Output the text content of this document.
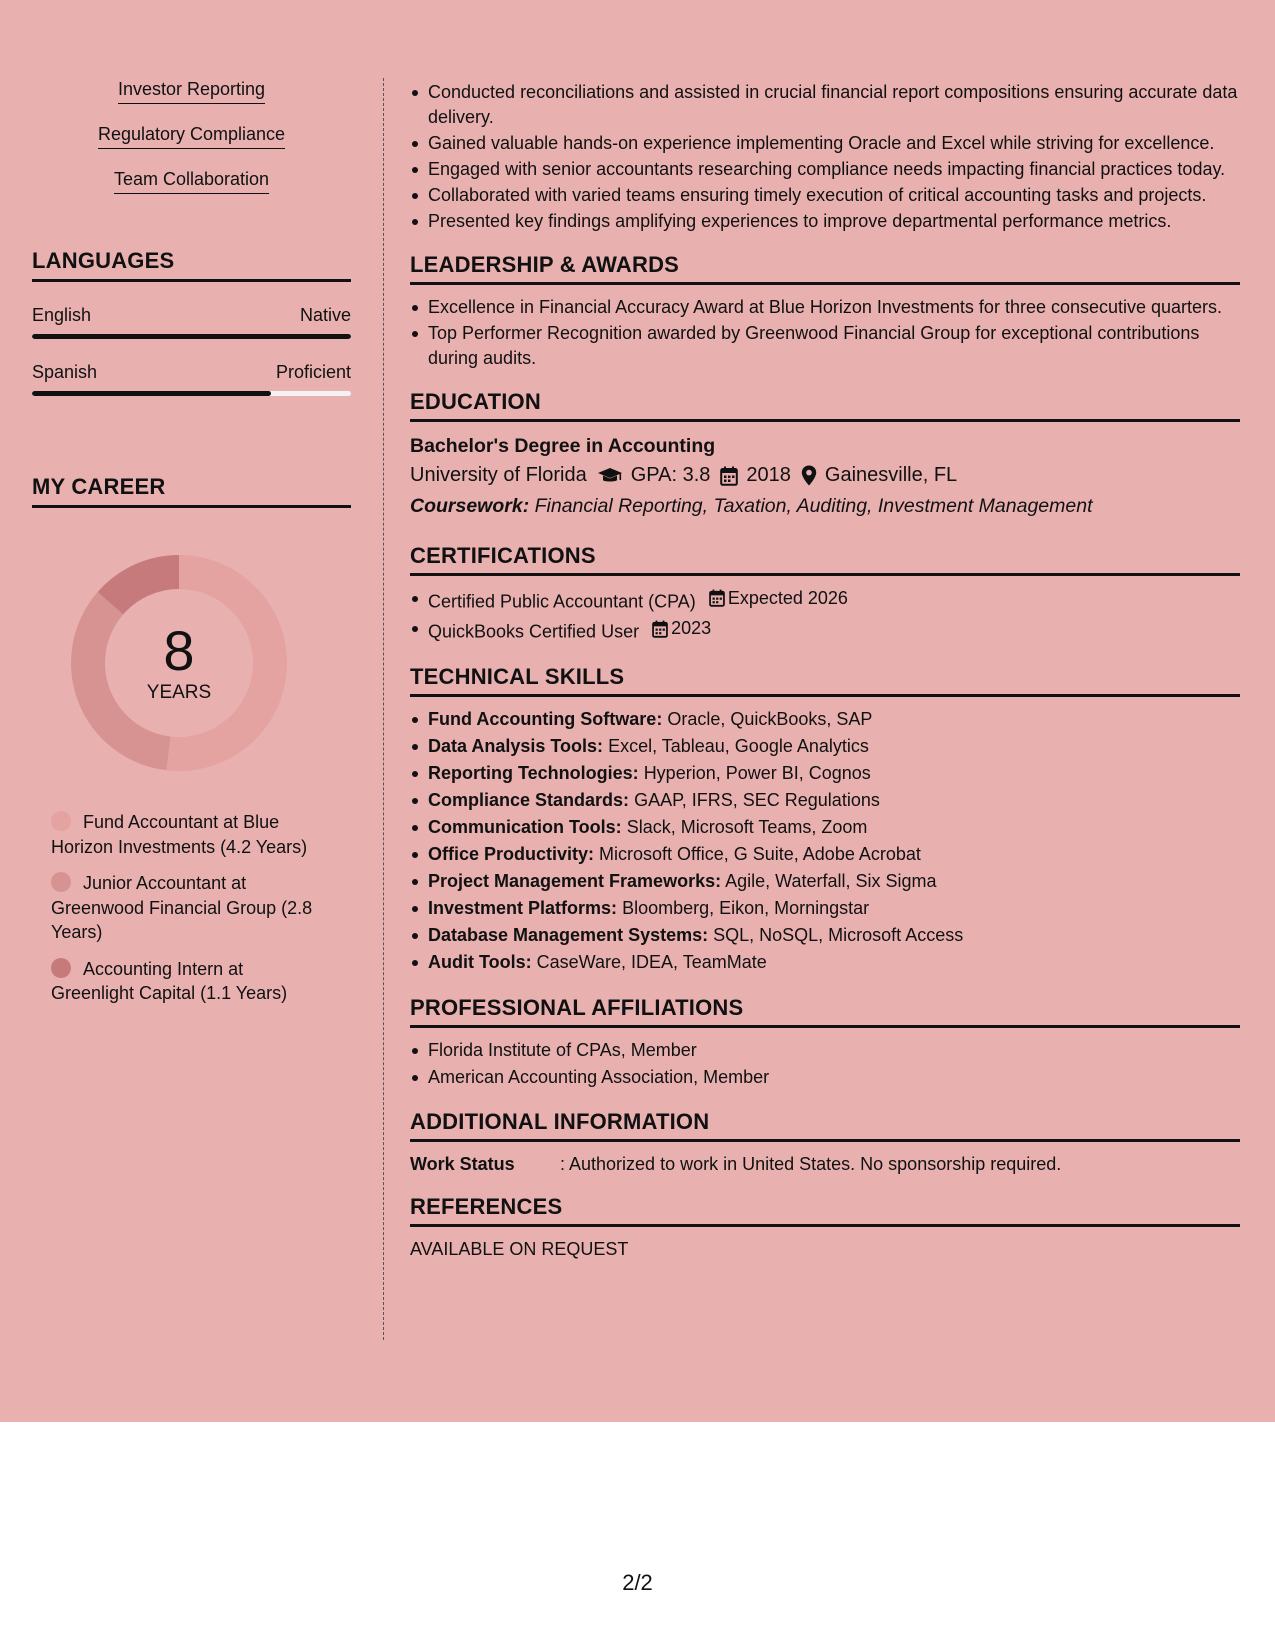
Investor Reporting
Regulatory Compliance
Team Collaboration
LANGUAGES
English	Native
Spanish	Proficient
MY CAREER
8
YEARS
Fund Accountant at Blue Horizon Investments (4.2 Years)
Junior Accountant at Greenwood Financial Group (2.8 Years)
Accounting Intern at Greenlight Capital (1.1 Years)
Conducted reconciliations and assisted in crucial financial report compositions ensuring accurate data delivery.
Gained valuable hands-on experience implementing Oracle and Excel while striving for excellence.
Engaged with senior accountants researching compliance needs impacting financial practices today.
Collaborated with varied teams ensuring timely execution of critical accounting tasks and projects.
Presented key findings amplifying experiences to improve departmental performance metrics.
LEADERSHIP & AWARDS
Excellence in Financial Accuracy Award at Blue Horizon Investments for three consecutive quarters.
Top Performer Recognition awarded by Greenwood Financial Group for exceptional contributions during audits.
EDUCATION
Bachelor's Degree in Accounting
University of Florida GPA: 3.8 2018 Gainesville, FL
Coursework: Financial Reporting, Taxation, Auditing, Investment Management
CERTIFICATIONS
Certified Public Accountant (CPA) Expected 2026
QuickBooks Certified User 2023
TECHNICAL SKILLS
Fund Accounting Software: Oracle, QuickBooks, SAP
Data Analysis Tools: Excel, Tableau, Google Analytics
Reporting Technologies: Hyperion, Power BI, Cognos
Compliance Standards: GAAP, IFRS, SEC Regulations
Communication Tools: Slack, Microsoft Teams, Zoom
Office Productivity: Microsoft Office, G Suite, Adobe Acrobat
Project Management Frameworks: Agile, Waterfall, Six Sigma
Investment Platforms: Bloomberg, Eikon, Morningstar
Database Management Systems: SQL, NoSQL, Microsoft Access
Audit Tools: CaseWare, IDEA, TeamMate
PROFESSIONAL AFFILIATIONS
Florida Institute of CPAs, Member
American Accounting Association, Member
ADDITIONAL INFORMATION
Work Status	: Authorized to work in United States. No sponsorship required.
REFERENCES
AVAILABLE ON REQUEST
2/2
